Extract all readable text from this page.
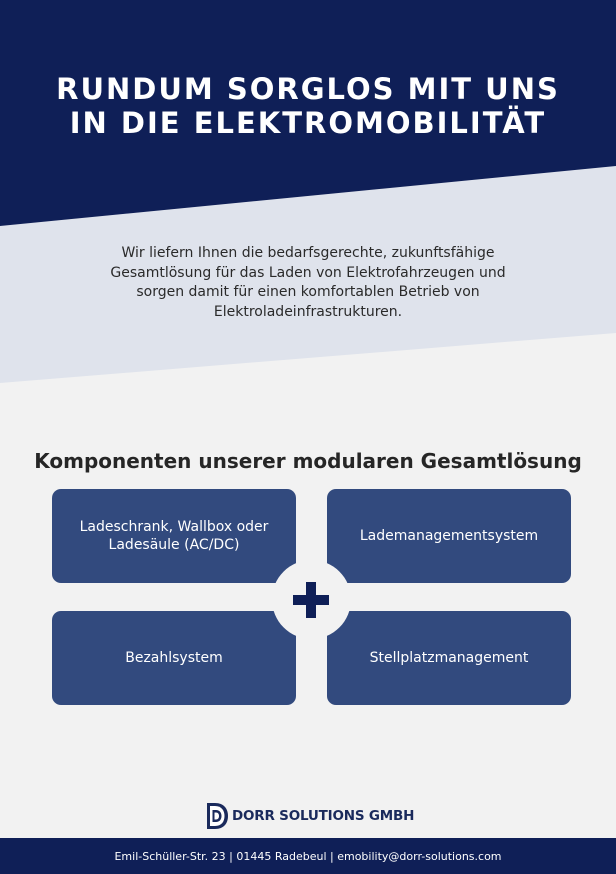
RUNDUM SORGLOS MIT UNS
IN DIE ELEKTROMOBILITÄT

Wir liefern Ihnen die bedarfsgerechte, zukunftsfähige
Gesamtlösung für das Laden von Elektrofahrzeugen und
sorgen damit für einen komfortablen Betrieb von
Elektroladeinfrastrukturen.

Komponenten unserer modularen Gesamtlösung
Ladeschrank, Wallbox oder
Ladesäule (AC/DC)
Lademanagementsystem
Bezahlsystem	Stellplatzmanagement
DORR SOLUTIONS GMBH
Emil-Schüller-Str. 23 | 01445 Radebeul | emobility@dorr-solutions.com
